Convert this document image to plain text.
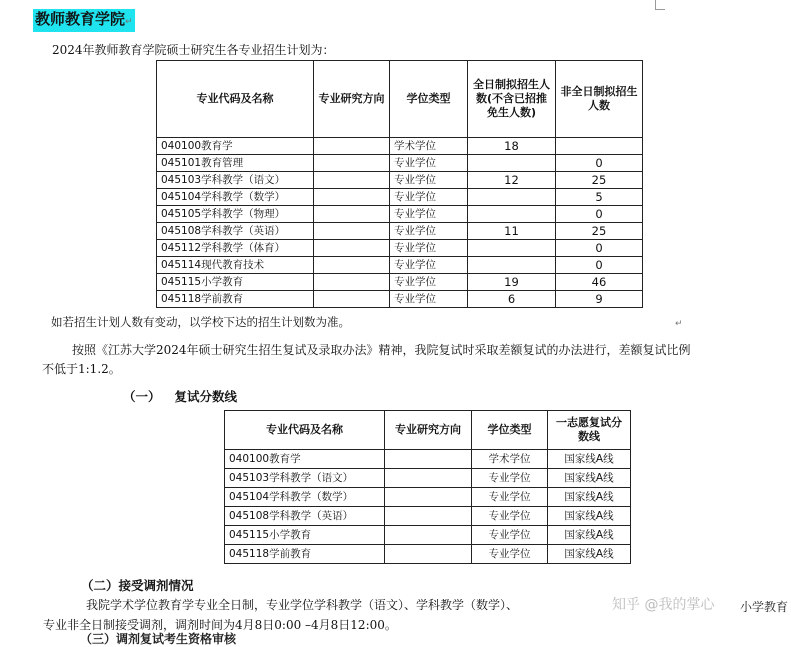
教师教育学院↵
2024年教师教育学院硕士研究生各专业招生计划为：
专业代码及名称	专业研究方向	学位类型	全日制拟招生人数(不含已招推免生人数)	非全日制拟招生人数
040100教育学		学术学位	18	
045101教育管理		专业学位		0
045103学科教学（语文）		专业学位	12	25
045104学科教学（数学）		专业学位		5
045105学科教学（物理）		专业学位		0
045108学科教学（英语）		专业学位	11	25
045112学科教学（体育）		专业学位		0
045114现代教育技术		专业学位		0
045115小学教育		专业学位	19	46
045118学前教育		专业学位	6	9
如若招生计划人数有变动，以学校下达的招生计划数为准。	↵
按照《江苏大学2024年硕士研究生招生复试及录取办法》精神，我院复试时采取差额复试的办法进行，差额复试比例
不低于1:1.2。
（一） 复试分数线
专业代码及名称	专业研究方向	学位类型	一志愿复试分数线
040100教育学		学术学位	国家线A线
045103学科教学（语文）		专业学位	国家线A线
045104学科教学（数学）		专业学位	国家线A线
045108学科教学（英语）		专业学位	国家线A线
045115小学教育		专业学位	国家线A线
045118学前教育		专业学位	国家线A线
（二）接受调剂情况
我院学术学位教育学专业全日制，专业学位学科教学（语文）、学科教学（数学）、	小学教育
专业非全日制接受调剂，调剂时间为4月8日0:00 –4月8日12:00。
（三）调剂复试考生资格审核
知乎 @我的掌心
